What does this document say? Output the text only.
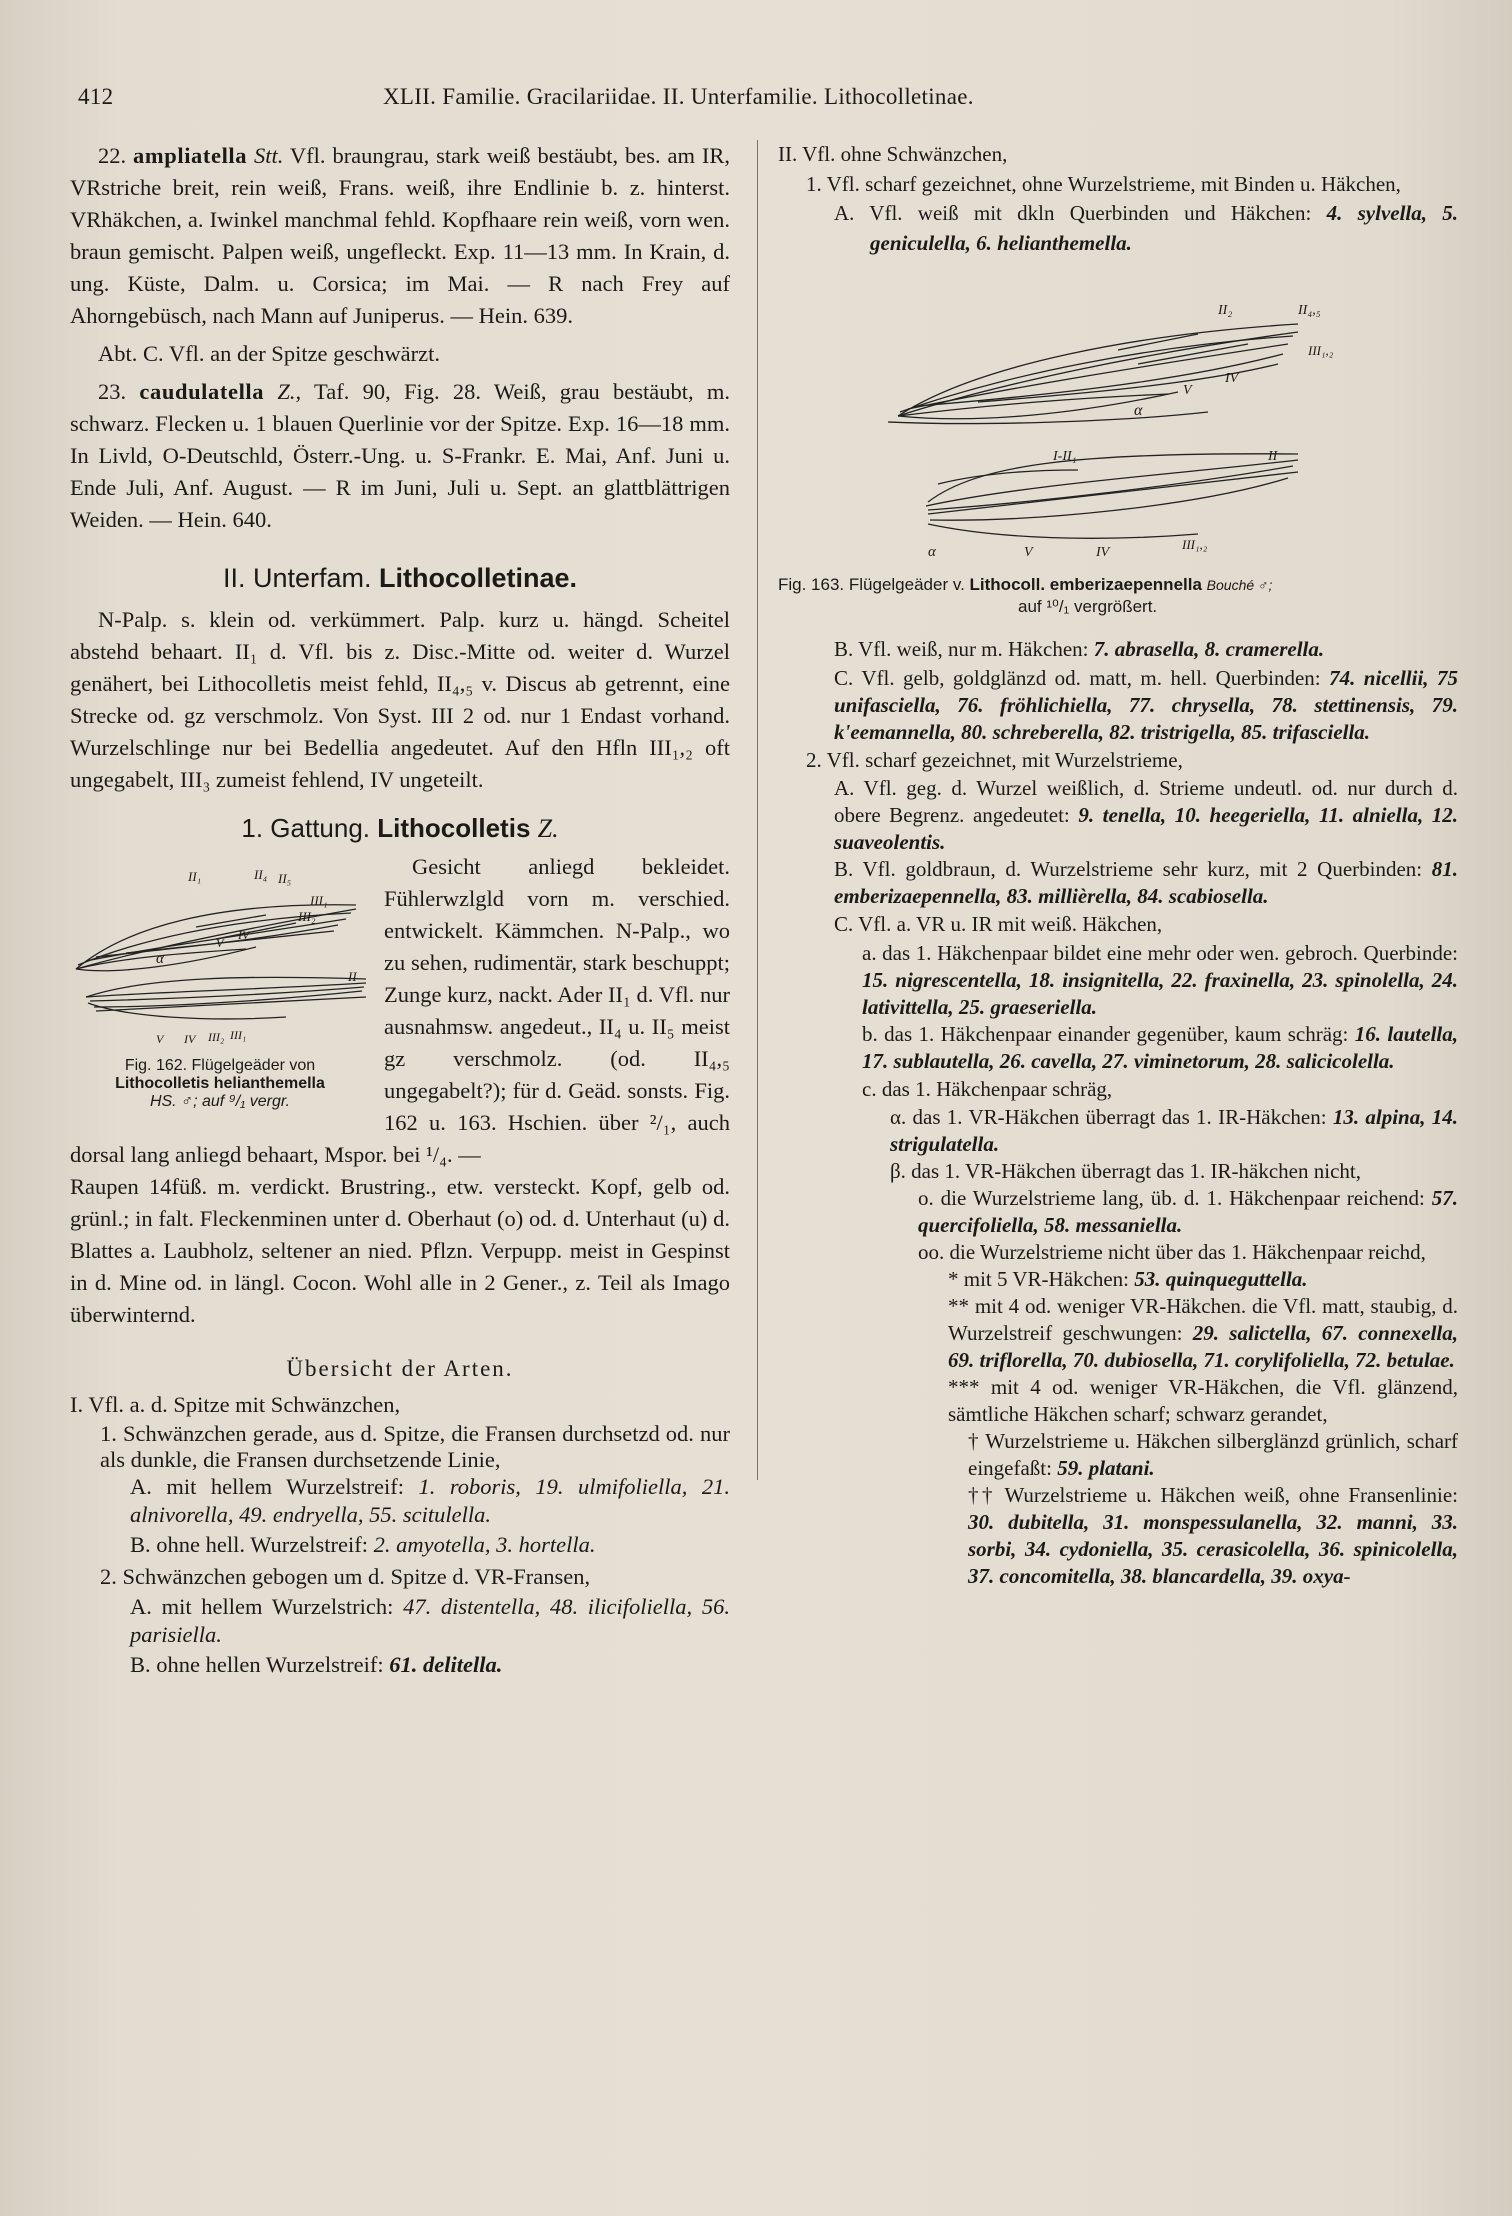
412	XLII. Familie. Gracilariidae. II. Unterfamilie. Lithocolletinae.

22. ampliatella Stt. Vfl. braungrau, stark weiß bestäubt, bes. am IR, VRstriche breit, rein weiß, Frans. weiß, ihre Endlinie b. z. hinterst. VRhäkchen, a. Iwinkel manchmal fehld. Kopfhaare rein weiß, vorn wen. braun gemischt. Palpen weiß, ungefleckt. Exp. 11—13 mm. In Krain, d. ung. Küste, Dalm. u. Corsica; im Mai. — R nach Frey auf Ahorngebüsch, nach Mann auf Juniperus. — Hein. 639.

Abt. C. Vfl. an der Spitze geschwärzt.

23. caudulatella Z., Taf. 90, Fig. 28. Weiß, grau bestäubt, m. schwarz. Flecken u. 1 blauen Querlinie vor der Spitze. Exp. 16—18 mm. In Livld, O-Deutschld, Österr.-Ung. u. S-Frankr. E. Mai, Anf. Juni u. Ende Juli, Anf. August. — R im Juni, Juli u. Sept. an glattblättrigen Weiden. — Hein. 640.

II. Unterfam. Lithocolletinae.

N-Palp. s. klein od. verkümmert. Palp. kurz u. hängd. Scheitel abstehd behaart. II₁ d. Vfl. bis z. Disc.-Mitte od. weiter d. Wurzel genähert, bei Lithocolletis meist fehld, II₄,₅ v. Discus ab getrennt, eine Strecke od. gz verschmolz. Von Syst. III 2 od. nur 1 Endast vorhand. Wurzelschlinge nur bei Bedellia angedeutet. Auf den Hfln III₁,₂ oft ungegabelt, III₃ zumeist fehlend, IV ungeteilt.

1. Gattung. Lithocolletis Z.
II₁	II₄ II₅
III₁
III₂
α
V
IV
II
V IV III₂ III₁
Fig. 162. Flügelgeäder von
Lithocolletis helianthemella
HS. ♂; auf ⁹/₁ vergr.

Gesicht anliegd bekleidet. Fühlerwzlgld vorn m. verschied. entwickelt. Kämmchen. N-Palp., wo zu sehen, rudimentär, stark beschuppt; Zunge kurz, nackt. Ader II₁ d. Vfl. nur ausnahmsw. angedeut., II₄ u. II₅ meist gz verschmolz. (od. II₄,₅ ungegabelt?); für d. Geäd. sonsts. Fig. 162 u. 163. Hschien. über ²/₁, auch dorsal lang anliegd behaart, Mspor. bei ¹/₄. —

Raupen 14füß. m. verdickt. Brustring., etw. versteckt. Kopf, gelb od. grünl.; in falt. Fleckenminen unter d. Oberhaut (o) od. d. Unterhaut (u) d. Blattes a. Laubholz, seltener an nied. Pflzn. Verpupp. meist in Gespinst in d. Mine od. in längl. Cocon. Wohl alle in 2 Gener., z. Teil als Imago überwinternd.

Übersicht der Arten.

I. Vfl. a. d. Spitze mit Schwänzchen,

1. Schwänzchen gerade, aus d. Spitze, die Fransen durchsetzd od. nur als dunkle, die Fransen durchsetzende Linie,

A. mit hellem Wurzelstreif: 1. roboris, 19. ulmifoliella, 21. alnivorella, 49. endryella, 55. scitulella.

B. ohne hell. Wurzelstreif: 2. amyotella, 3. hortella.

2. Schwänzchen gebogen um d. Spitze d. VR-Fransen,

A. mit hellem Wurzelstrich: 47. distentella, 48. ilicifoliella, 56. parisiella.

B. ohne hellen Wurzelstreif: 61. delitella.

II. Vfl. ohne Schwänzchen,

1. Vfl. scharf gezeichnet, ohne Wurzelstrieme, mit Binden u. Häkchen,

A. Vfl. weiß mit dkln Querbinden und Häkchen: 4. sylvella, 5. geniculella, 6. helianthemella.

II₂	II₄,₅
III₁,₂
V
IV
α
I-II₁	II
α	V	IV
III₁,₂
Fig. 163. Flügelgeäder v. Lithocoll. emberizaepennella Bouché ♂;
auf ¹⁰/₁ vergrößert.

B. Vfl. weiß, nur m. Häkchen: 7. abrasella, 8. cramerella.

C. Vfl. gelb, goldglänzd od. matt, m. hell. Querbinden: 74. nicellii, 75 unifasciella, 76. fröhlichiella, 77. chrysella, 78. stettinensis, 79. k'eemannella, 80. schreberella, 82. tristrigella, 85. trifasciella.

2. Vfl. scharf gezeichnet, mit Wurzelstrieme,

A. Vfl. geg. d. Wurzel weißlich, d. Strieme undeutl. od. nur durch d. obere Begrenz. angedeutet: 9. tenella, 10. heegeriella, 11. alniella, 12. suaveolentis.

B. Vfl. goldbraun, d. Wurzelstrieme sehr kurz, mit 2 Querbinden: 81. emberizaepennella, 83. millièrella, 84. scabiosella.

C. Vfl. a. VR u. IR mit weiß. Häkchen,

a. das 1. Häkchenpaar bildet eine mehr oder wen. gebroch. Querbinde: 15. nigrescentella, 18. insignitella, 22. fraxinella, 23. spinolella, 24. lativittella, 25. graeseriella.

b. das 1. Häkchenpaar einander gegenüber, kaum schräg: 16. lautella, 17. sublautella, 26. cavella, 27. viminetorum, 28. salicicolella.

c. das 1. Häkchenpaar schräg,

α. das 1. VR-Häkchen überragt das 1. IR-Häkchen: 13. alpina, 14. strigulatella.

β. das 1. VR-Häkchen überragt das 1. IR-häkchen nicht,

o. die Wurzelstrieme lang, üb. d. 1. Häkchenpaar reichend: 57. quercifoliella, 58. messaniella.

oo. die Wurzelstrieme nicht über das 1. Häkchenpaar reichd,

* mit 5 VR-Häkchen: 53. quinqueguttella.

** mit 4 od. weniger VR-Häkchen. die Vfl. matt, staubig, d. Wurzelstreif geschwungen: 29. salictella, 67. connexella, 69. triflorella, 70. dubiosella, 71. corylifoliella, 72. betulae.

*** mit 4 od. weniger VR-Häkchen, die Vfl. glänzend, sämtliche Häkchen scharf; schwarz gerandet,

† Wurzelstrieme u. Häkchen silberglänzd grünlich, scharf eingefaßt: 59. platani.

†† Wurzelstrieme u. Häkchen weiß, ohne Fransenlinie: 30. dubitella, 31. monspessulanella, 32. manni, 33. sorbi, 34. cydoniella, 35. cerasicolella, 36. spinicolella, 37. concomitella, 38. blancardella, 39. oxya-
